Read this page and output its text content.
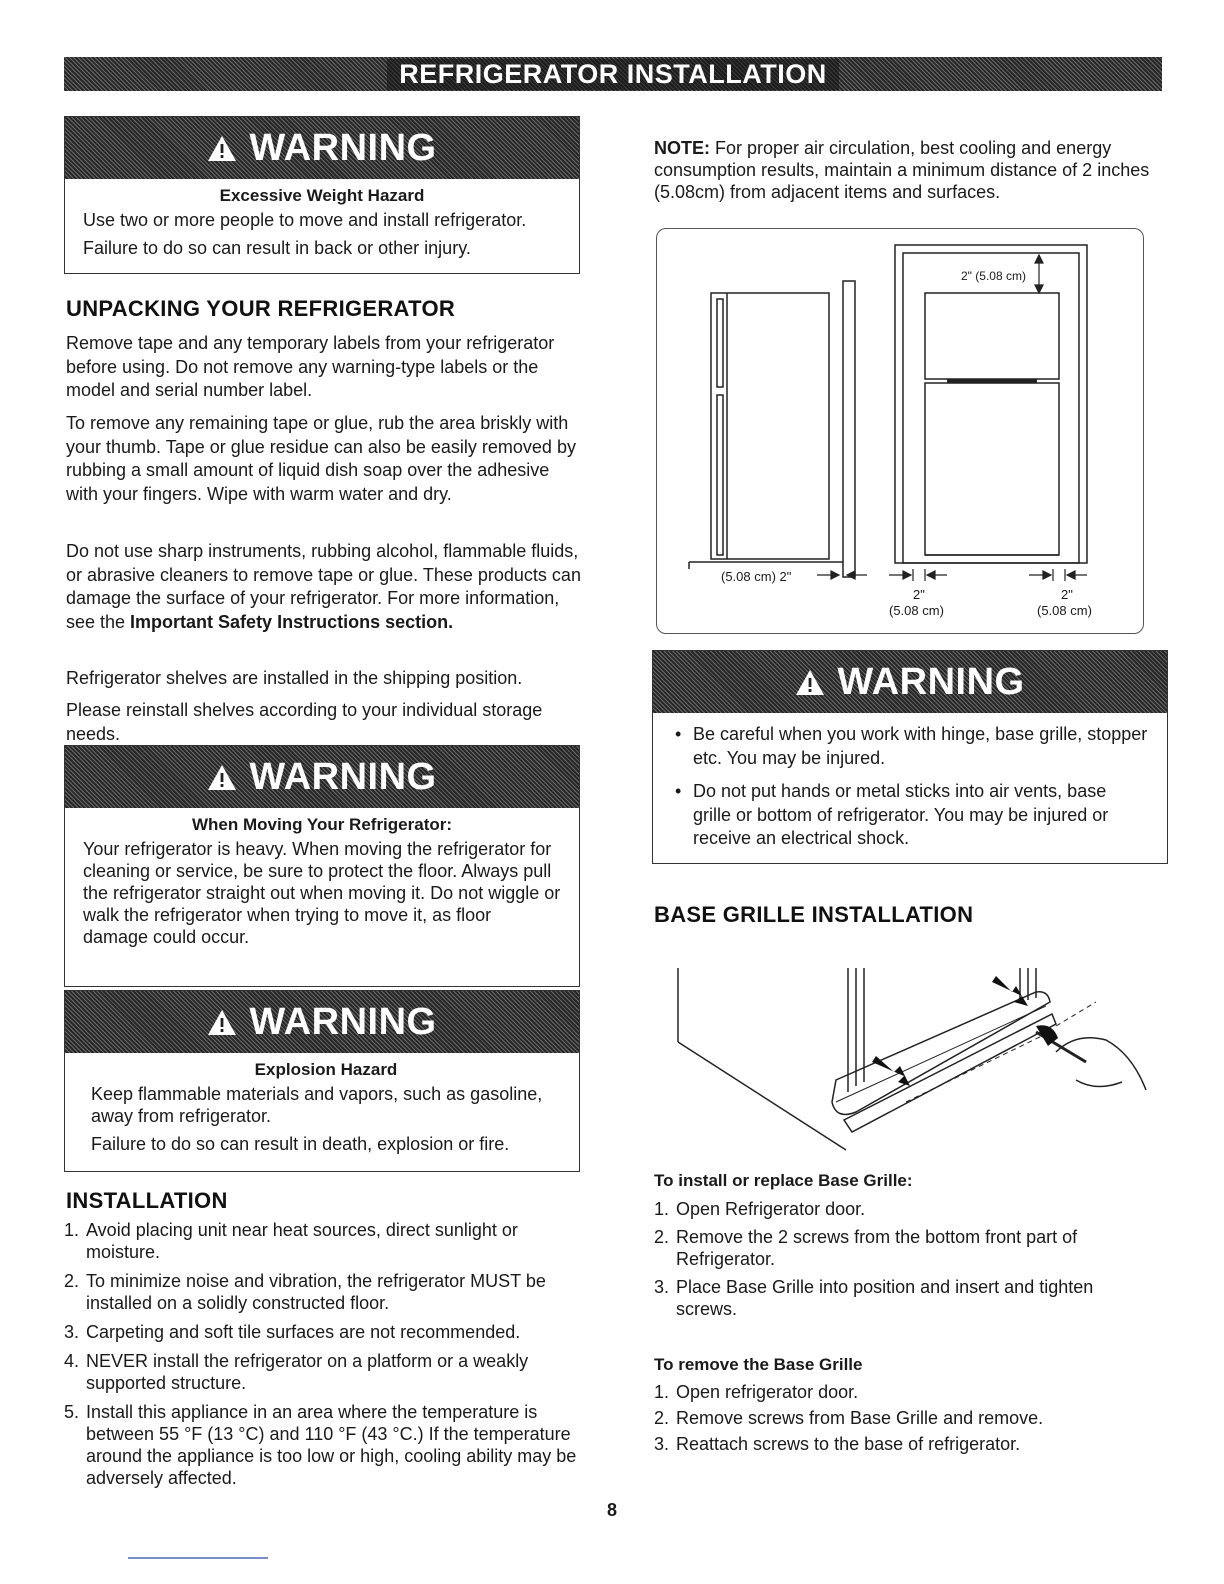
REFRIGERATOR INSTALLATION
WARNING
Excessive Weight Hazard

Use two or more people to move and install refrigerator.

Failure to do so can result in back or other injury.

UNPACKING YOUR REFRIGERATOR

Remove tape and any temporary labels from your refrigerator before using. Do not remove any warning-type labels or the model and serial number label.

To remove any remaining tape or glue, rub the area briskly with your thumb. Tape or glue residue can also be easily removed by rubbing a small amount of liquid dish soap over the adhesive with your fingers. Wipe with warm water and dry.

Do not use sharp instruments, rubbing alcohol, flammable fluids, or abrasive cleaners to remove tape or glue. These products can damage the surface of your refrigerator. For more information, see the Important Safety Instructions section.

Refrigerator shelves are installed in the shipping position.

Please reinstall shelves according to your individual storage needs.

WARNING
When Moving Your Refrigerator:

Your refrigerator is heavy. When moving the refrigerator for cleaning or service, be sure to protect the floor. Always pull the refrigerator straight out when moving it. Do not wiggle or walk the refrigerator when trying to move it, as floor damage could occur.

WARNING
Explosion Hazard

Keep flammable materials and vapors, such as gasoline, away from refrigerator.

Failure to do so can result in death, explosion or fire.

INSTALLATION
1. Avoid placing unit near heat sources, direct sunlight or moisture.
2. To minimize noise and vibration, the refrigerator MUST be installed on a solidly constructed floor.
3. Carpeting and soft tile surfaces are not recommended.
4. NEVER install the refrigerator on a platform or a weakly supported structure.
5. Install this appliance in an area where the temperature is between 55 °F (13 °C) and 110 °F (43 °C.) If the temperature around the appliance is too low or high, cooling ability may be adversely affected.

NOTE: For proper air circulation, best cooling and energy consumption results, maintain a minimum distance of 2 inches (5.08cm) from adjacent items and surfaces.

2" (5.08 cm)
(5.08 cm) 2"
2"
(5.08 cm)
2"
(5.08 cm)
WARNING
• Be careful when you work with hinge, base grille, stopper etc. You may be injured.
• Do not put hands or metal sticks into air vents, base grille or bottom of refrigerator. You may be injured or receive an electrical shock.
BASE GRILLE INSTALLATION
To install or replace Base Grille:
1. Open Refrigerator door.
2. Remove the 2 screws from the bottom front part of Refrigerator.
3. Place Base Grille into position and insert and tighten screws.
To remove the Base Grille
1. Open refrigerator door.
2. Remove screws from Base Grille and remove.
3. Reattach screws to the base of refrigerator.
8
